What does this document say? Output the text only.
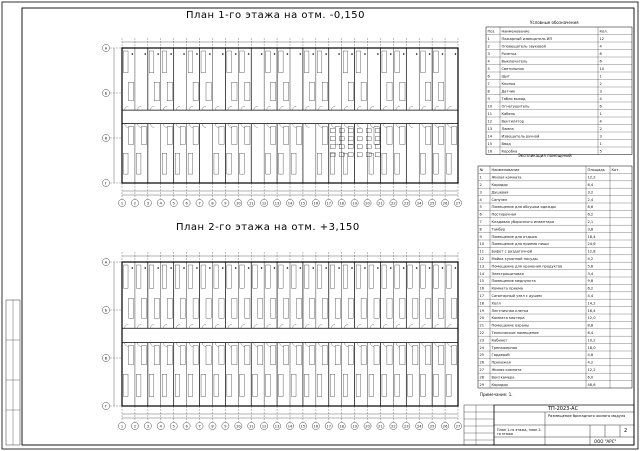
1	2	3	4	5	6	7	8	9	10 11 12 13 14 15 16 17 18 19 20 21 22 23 24 25 26 27
А
Б
В
Г
1	2	3	4	5	6	7	8	9	10 11 12 13 14 15 16 17 18 19 20 21 22 23 24 25 26 27
А
Б
В
Г
Поз. Наименование	Кол.
1	Пожарный извещатель ИП	12
2	Оповещатель звуковой	4
3	Розетка	8
4	Выключатель	6
5	Светильник	10
6	Щит	1
7	Кнопка	2
8	Датчик	3
9	Табло выход	4
10	Огнетушитель	6
11	Кабель	1
12	Вентилятор	4
13	Лампа	2
14	Извещатель ручной	3
15	Ввод	1
16	Коробка	5
№ Наименование	Площадь Кат.
1	Жилая комната	12,2
2	Коридор	6,4
3	Душевая	3,2
4	Санузел	2,4
5	Помещение для обсушки одежды	8,6
6	Постирочная	6,2
7	Кладовая уборочного инвентаря	2,1
8	Тамбур	3,8
9	Помещение для отдыха	18,4
10 Помещение для приема пищи	24,6
11 Буфет с раздаточной	12,8
12 Мойка кухонной посуды	4,2
13 Помещение для хранения продуктов	5,6
14 Электрощитовая	3,4
15 Помещение медпункта	9,8
16 Комната приема	6,2
17 Санитарный узел с душем	4,4
18 Холл	14,2
19 Лестничная клетка	16,4
20 Комната мастера	12,0
21 Помещение охраны	8,8
22 Техническое помещение	6,4
23 Кабинет	10,2
24 Тренажерная	18,0
25 Гардероб	4,6
26 Прихожая	4,2
27 Жилая комната	12,2
28 Венткамера	6,0
29 Коридор	48,6
План 1-го этажа на отм. -0,150
План 2-го этажа на отм. +3,150
Условные обозначения
Экспликация помещений
Примечание: 1.
ТП-2023-АС
Размещение бригадного жилого модуля
План 1-го этажа, план 2-го этажа	2
ООО "АРС"
